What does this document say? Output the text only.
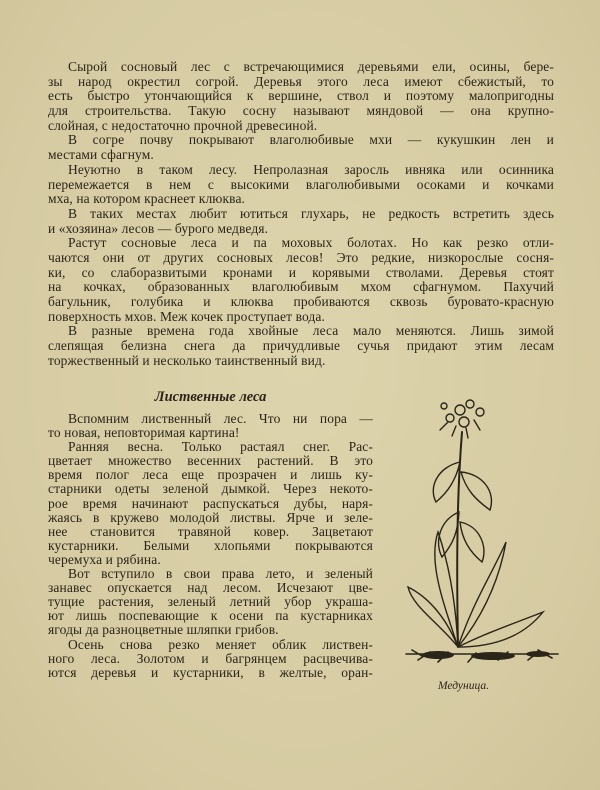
Сырой сосновый лес с встречающимися деревьями ели, осины, бере-
зы народ окрестил согрой. Деревья этого леса имеют сбежистый, то
есть быстро утончающийся к вершине, ствол и поэтому малопригодны
для строительства. Такую сосну называют мяндовой — она крупно-
слойная, с недостаточно прочной древесиной.
В согре почву покрывают влаголюбивые мхи — кукушкин лен и
местами сфагнум.
Неуютно в таком лесу. Непролазная заросль ивняка или осинника
перемежается в нем с высокими влаголюбивыми осоками и кочками
мха, на котором краснеет клюква.
В таких местах любит ютиться глухарь, не редкость встретить здесь
и «хозяина» лесов — бурого медведя.
Растут сосновые леса и па моховых болотах. Но как резко отли-
чаются они от других сосновых лесов! Это редкие, низкорослые сосня-
ки, со слаборазвитыми кронами и корявыми стволами. Деревья стоят
на кочках, образованных влаголюбивым мхом сфагнумом. Пахучий
багульник, голубика и клюква пробиваются сквозь буровато-красную
поверхность мхов. Меж кочек проступает вода.
В разные времена года хвойные леса мало меняются. Лишь зимой
слепящая белизна снега да причудливые сучья придают этим лесам
торжественный и несколько таинственный вид.
Лиственные леса
Вспомним лиственный лес. Что ни пора —
то новая, неповторимая картина!
Ранняя весна. Только растаял снег. Рас-
цветает множество весенних растений. В это
время полог леса еще прозрачен и лишь ку-
старники одеты зеленой дымкой. Через некото-
рое время начинают распускаться дубы, наря-
жаясь в кружево молодой листвы. Ярче и зеле-
нее становится травяной ковер. Зацветают
кустарники. Белыми хлопьями покрываются
черемуха и рябина.
Вот вступило в свои права лето, и зеленый
занавес опускается над лесом. Исчезают цве-
тущие растения, зеленый летний убор украша-
ют лишь поспевающие к осени па кустарниках
ягоды да разноцветные шляпки грибов.
Осень снова резко меняет облик листвен-
ного леса. Золотом и багрянцем расцвечива-
ются деревья и кустарники, в желтые, оран-
Медуница.
